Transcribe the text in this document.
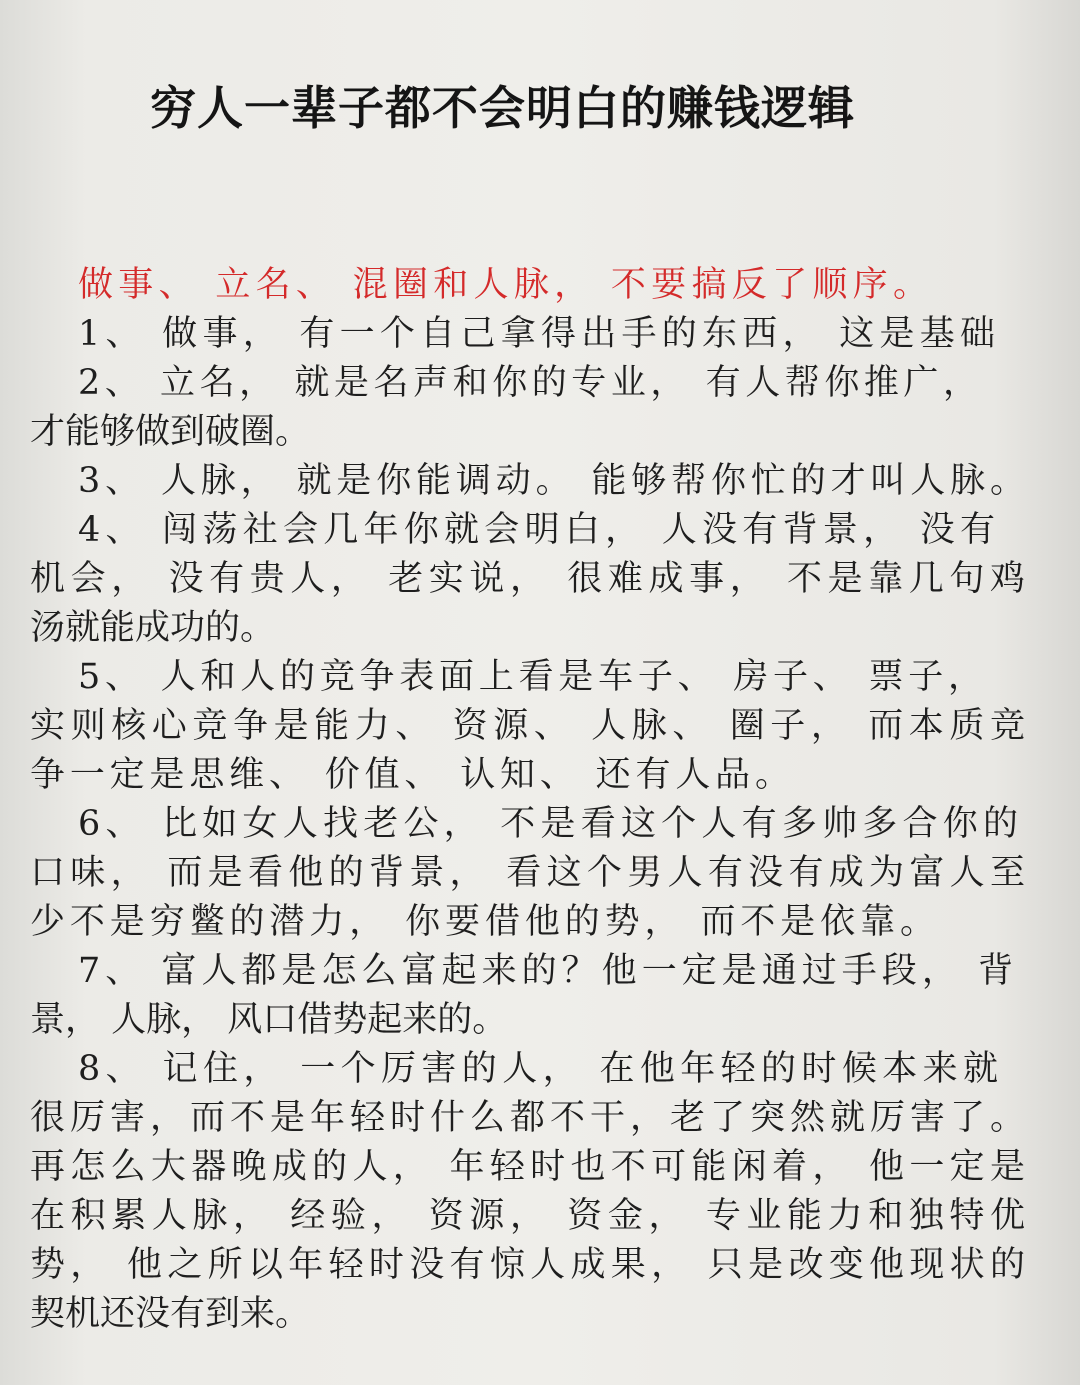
穷人一辈子都不会明白的赚钱逻辑
做事、 立名、 混圈和人脉， 不要搞反了顺序。
1、 做事， 有一个自己拿得出手的东西， 这是基础
2、 立名， 就是名声和你的专业， 有人帮你推广，
才能够做到破圈。
3、 人脉， 就是你能调动。 能够帮你忙的才叫人脉。
4、 闯荡社会几年你就会明白， 人没有背景， 没有
机会， 没有贵人， 老实说， 很难成事， 不是靠几句鸡
汤就能成功的。
5、 人和人的竞争表面上看是车子、 房子、 票子，
实则核心竞争是能力、 资源、 人脉、 圈子， 而本质竞
争一定是思维、 价值、 认知、 还有人品。
6、 比如女人找老公， 不是看这个人有多帅多合你的
口味， 而是看他的背景， 看这个男人有没有成为富人至
少不是穷鳖的潜力， 你要借他的势， 而不是依靠。
7、 富人都是怎么富起来的？他一定是通过手段， 背
景， 人脉， 风口借势起来的。
8、 记住， 一个厉害的人， 在他年轻的时候本来就
很厉害，而不是年轻时什么都不干，老了突然就厉害了。
再怎么大器晚成的人， 年轻时也不可能闲着， 他一定是
在积累人脉， 经验， 资源， 资金， 专业能力和独特优
势， 他之所以年轻时没有惊人成果， 只是改变他现状的
契机还没有到来。
